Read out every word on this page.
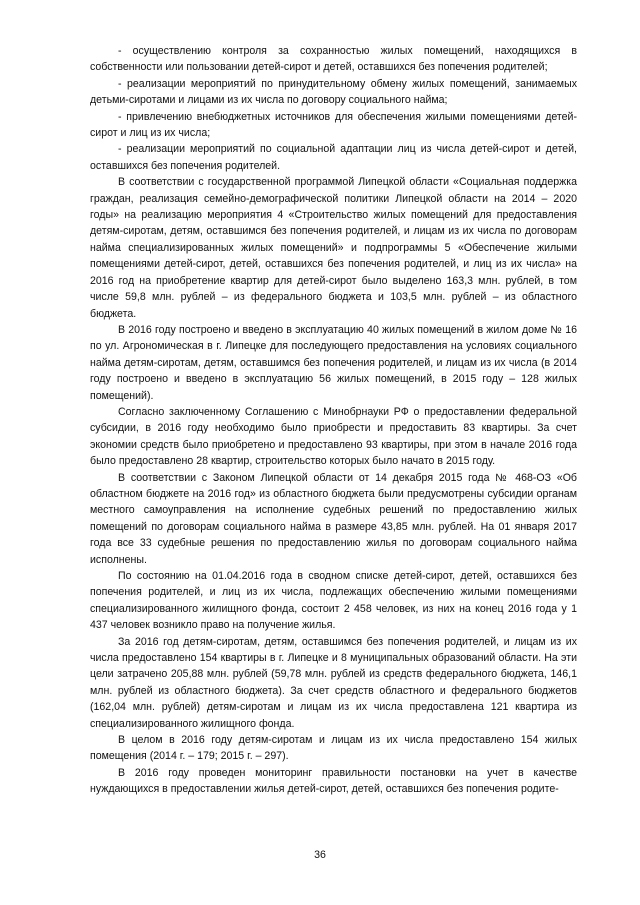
- осуществлению контроля за сохранностью жилых помещений, находящихся в собственности или пользовании детей-сирот и детей, оставшихся без попечения родителей;

- реализации мероприятий по принудительному обмену жилых помещений, занимаемых детьми-сиротами и лицами из их числа по договору социального найма;

- привлечению внебюджетных источников для обеспечения жилыми помещениями детей-сирот и лиц из их числа;

- реализации мероприятий по социальной адаптации лиц из числа детей-сирот и детей, оставшихся без попечения родителей.

В соответствии с государственной программой Липецкой области «Социальная поддержка граждан, реализация семейно-демографической политики Липецкой области на 2014 – 2020 годы» на реализацию мероприятия 4 «Строительство жилых помещений для предоставления детям-сиротам, детям, оставшимся без попечения родителей, и лицам из их числа по договорам найма специализированных жилых помещений» и подпрограммы 5 «Обеспечение жилыми помещениями детей-сирот, детей, оставшихся без попечения родителей, и лиц из их числа» на 2016 год на приобретение квартир для детей-сирот было выделено 163,3 млн. рублей, в том числе 59,8 млн. рублей – из федерального бюджета и 103,5 млн. рублей – из областного бюджета.

В 2016 году построено и введено в эксплуатацию 40 жилых помещений в жилом доме № 16 по ул. Агрономическая в г. Липецке для последующего предоставления на условиях социального найма детям-сиротам, детям, оставшимся без попечения родителей, и лицам из их числа (в 2014 году построено и введено в эксплуатацию 56 жилых помещений, в 2015 году – 128 жилых помещений).

Согласно заключенному Соглашению с Минобрнауки РФ о предоставлении федеральной субсидии, в 2016 году необходимо было приобрести и предоставить 83 квартиры. За счет экономии средств было приобретено и предоставлено 93 квартиры, при этом в начале 2016 года было предоставлено 28 квартир, строительство которых было начато в 2015 году.

В соответствии с Законом Липецкой области от 14 декабря 2015 года № 468-ОЗ «Об областном бюджете на 2016 год» из областного бюджета были предусмотрены субсидии органам местного самоуправления на исполнение судебных решений по предоставлению жилых помещений по договорам социального найма в размере 43,85 млн. рублей. На 01 января 2017 года все 33 судебные решения по предоставлению жилья по договорам социального найма исполнены.

По состоянию на 01.04.2016 года в сводном списке детей-сирот, детей, оставшихся без попечения родителей, и лиц из их числа, подлежащих обеспечению жилыми помещениями специализированного жилищного фонда, состоит 2 458 человек, из них на конец 2016 года у 1 437 человек возникло право на получение жилья.

За 2016 год детям-сиротам, детям, оставшимся без попечения родителей, и лицам из их числа предоставлено 154 квартиры в г. Липецке и 8 муниципальных образований области. На эти цели затрачено 205,88 млн. рублей (59,78 млн. рублей из средств федерального бюджета, 146,1 млн. рублей из областного бюджета). За счет средств областного и федерального бюджетов (162,04 млн. рублей) детям-сиротам и лицам из их числа предоставлена 121 квартира из специализированного жилищного фонда.

В целом в 2016 году детям-сиротам и лицам из их числа предоставлено 154 жилых помещения (2014 г. – 179; 2015 г. – 297).

В 2016 году проведен мониторинг правильности постановки на учет в качестве нуждающихся в предоставлении жилья детей-сирот, детей, оставшихся без попечения родите-

36
